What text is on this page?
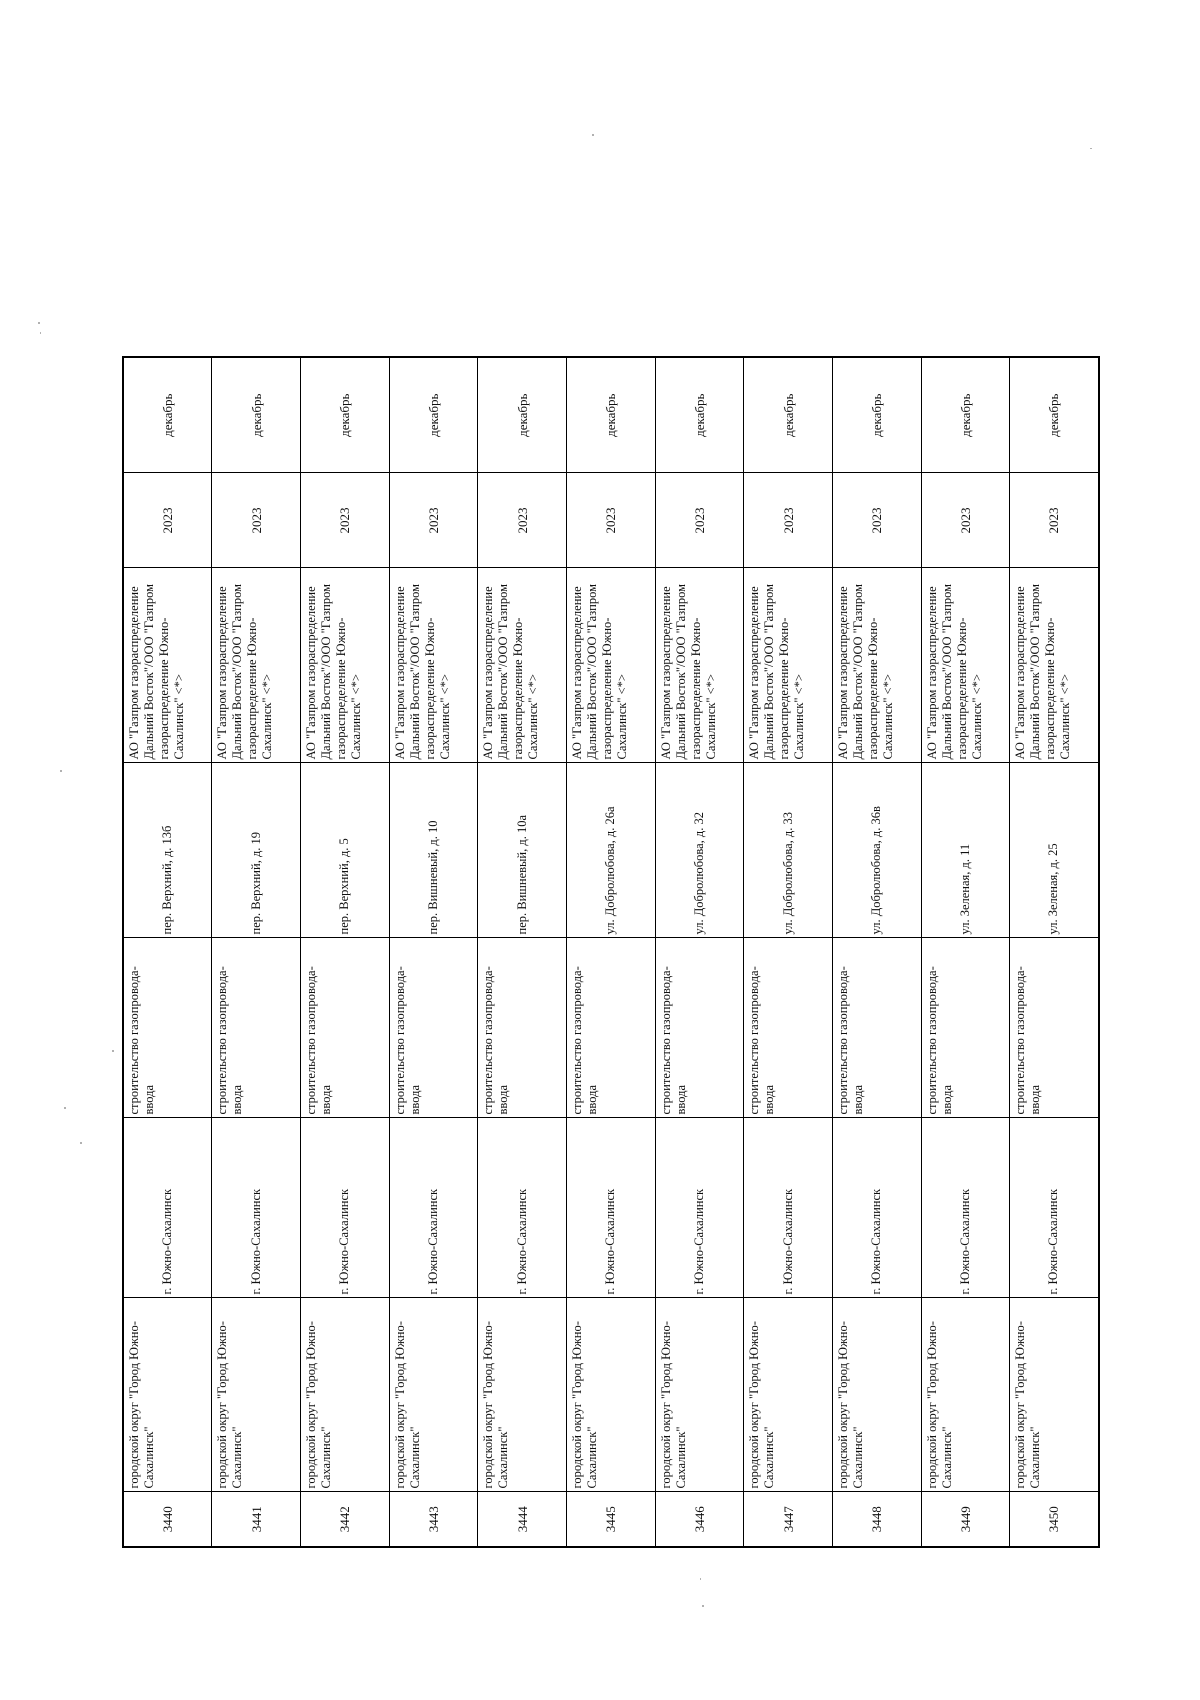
3440	городской округ "Город Южно-Сахалинск"	г. Южно-Сахалинск	строительство газопровода-ввода	пер. Верхний, д. 13б	АО "Газпром газораспределение Дальний Восток"/ООО "Газпром газораспределение Южно-Сахалинск" <*>	2023	декабрь
3441	городской округ "Город Южно-Сахалинск"	г. Южно-Сахалинск	строительство газопровода-ввода	пер. Верхний, д. 19	АО "Газпром газораспределение Дальний Восток"/ООО "Газпром газораспределение Южно-Сахалинск" <*>	2023	декабрь
3442	городской округ "Город Южно-Сахалинск"	г. Южно-Сахалинск	строительство газопровода-ввода	пер. Верхний, д. 5	АО "Газпром газораспределение Дальний Восток"/ООО "Газпром газораспределение Южно-Сахалинск" <*>	2023	декабрь
3443	городской округ "Город Южно-Сахалинск"	г. Южно-Сахалинск	строительство газопровода-ввода	пер. Вишневый, д. 10	АО "Газпром газораспределение Дальний Восток"/ООО "Газпром газораспределение Южно-Сахалинск" <*>	2023	декабрь
3444	городской округ "Город Южно-Сахалинск"	г. Южно-Сахалинск	строительство газопровода-ввода	пер. Вишневый, д. 10а	АО "Газпром газораспределение Дальний Восток"/ООО "Газпром газораспределение Южно-Сахалинск" <*>	2023	декабрь
3445	городской округ "Город Южно-Сахалинск"	г. Южно-Сахалинск	строительство газопровода-ввода	ул. Добролюбова, д. 26а	АО "Газпром газораспределение Дальний Восток"/ООО "Газпром газораспределение Южно-Сахалинск" <*>	2023	декабрь
3446	городской округ "Город Южно-Сахалинск"	г. Южно-Сахалинск	строительство газопровода-ввода	ул. Добролюбова, д. 32	АО "Газпром газораспределение Дальний Восток"/ООО "Газпром газораспределение Южно-Сахалинск" <*>	2023	декабрь
3447	городской округ "Город Южно-Сахалинск"	г. Южно-Сахалинск	строительство газопровода-ввода	ул. Добролюбова, д. 33	АО "Газпром газораспределение Дальний Восток"/ООО "Газпром газораспределение Южно-Сахалинск" <*>	2023	декабрь
3448	городской округ "Город Южно-Сахалинск"	г. Южно-Сахалинск	строительство газопровода-ввода	ул. Добролюбова, д. 36в	АО "Газпром газораспределение Дальний Восток"/ООО "Газпром газораспределение Южно-Сахалинск" <*>	2023	декабрь
3449	городской округ "Город Южно-Сахалинск"	г. Южно-Сахалинск	строительство газопровода-ввода	ул. Зеленая, д. 11	АО "Газпром газораспределение Дальний Восток"/ООО "Газпром газораспределение Южно-Сахалинск" <*>	2023	декабрь
3450	городской округ "Город Южно-Сахалинск"	г. Южно-Сахалинск	строительство газопровода-ввода	ул. Зеленая, д. 25	АО "Газпром газораспределение Дальний Восток"/ООО "Газпром газораспределение Южно-Сахалинск" <*>	2023	декабрь
